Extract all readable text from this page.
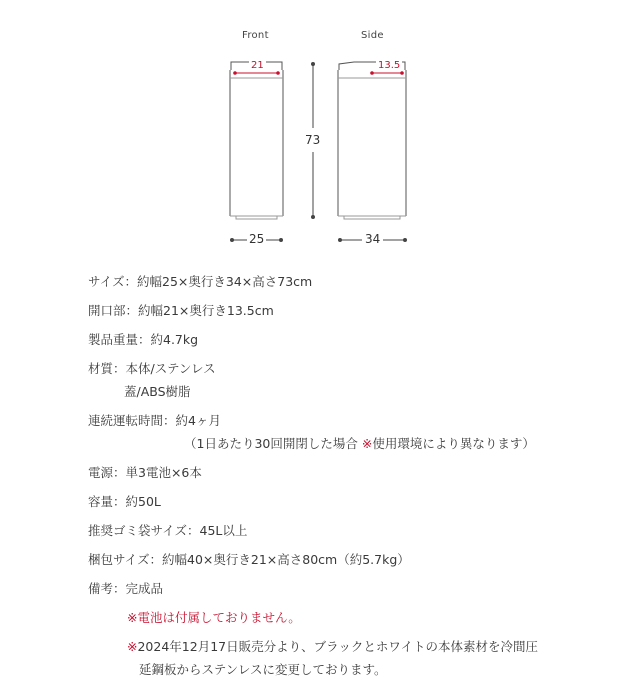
Front	Side
21	13.5
73
25	34
サイズ：約幅25×奥行き34×高さ73cm
開口部：約幅21×奥行き13.5cm
製品重量：約4.7kg
材質：本体/ステンレス
蓋/ABS樹脂
連続運転時間：約4ヶ月
（1日あたり30回開閉した場合 ※使用環境により異なります）
電源：単3電池×6本
容量：約50L
推奨ゴミ袋サイズ：45L以上
梱包サイズ：約幅40×奥行き21×高さ80cm（約5.7kg）
備考：完成品
※電池は付属しておりません。
※2024年12月17日販売分より、ブラックとホワイトの本体素材を冷間圧
延鋼板からステンレスに変更しております。
